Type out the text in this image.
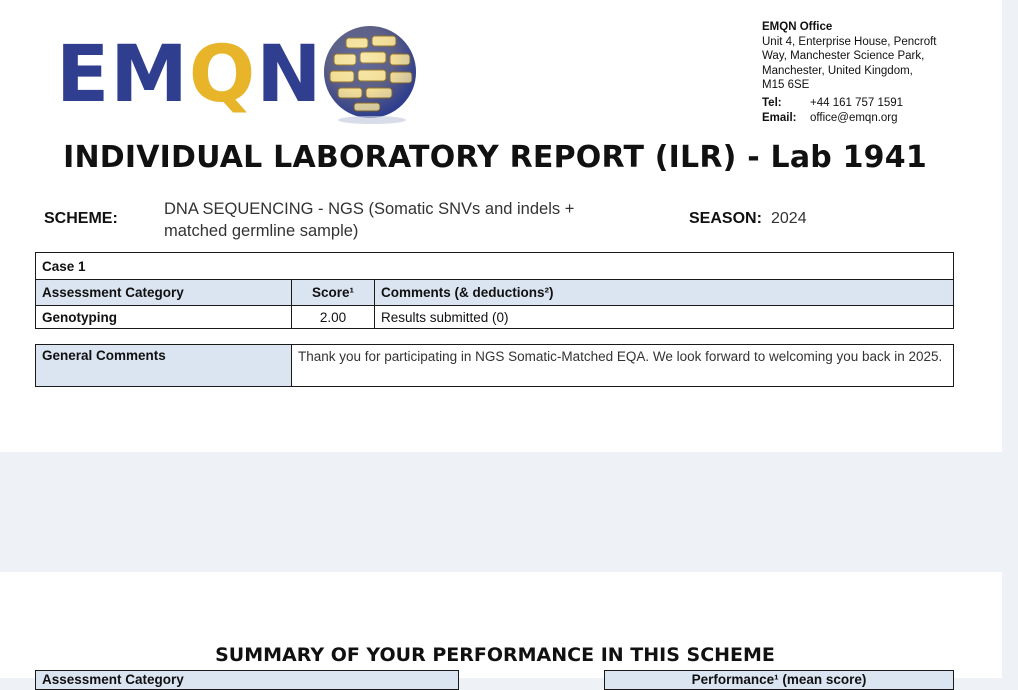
EMQN
EMQN Office
Unit 4, Enterprise House, Pencroft
Way, Manchester Science Park,
Manchester, United Kingdom,
M15 6SE
Tel:	+44 161 757 1591
Email:	office@emqn.org
INDIVIDUAL LABORATORY REPORT (ILR) - Lab 1941
SCHEME:
DNA SEQUENCING - NGS (Somatic SNVs and indels + matched germline sample)
SEASON: 2024
Case 1		
Assessment Category	Score¹	Comments (& deductions²)
Genotyping	2.00	Results submitted (0)
General Comments	Thank you for participating in NGS Somatic-Matched EQA. We look forward to welcoming you back in 2025.
SUMMARY OF YOUR PERFORMANCE IN THIS SCHEME
Assessment Category	Performance¹ (mean score)
